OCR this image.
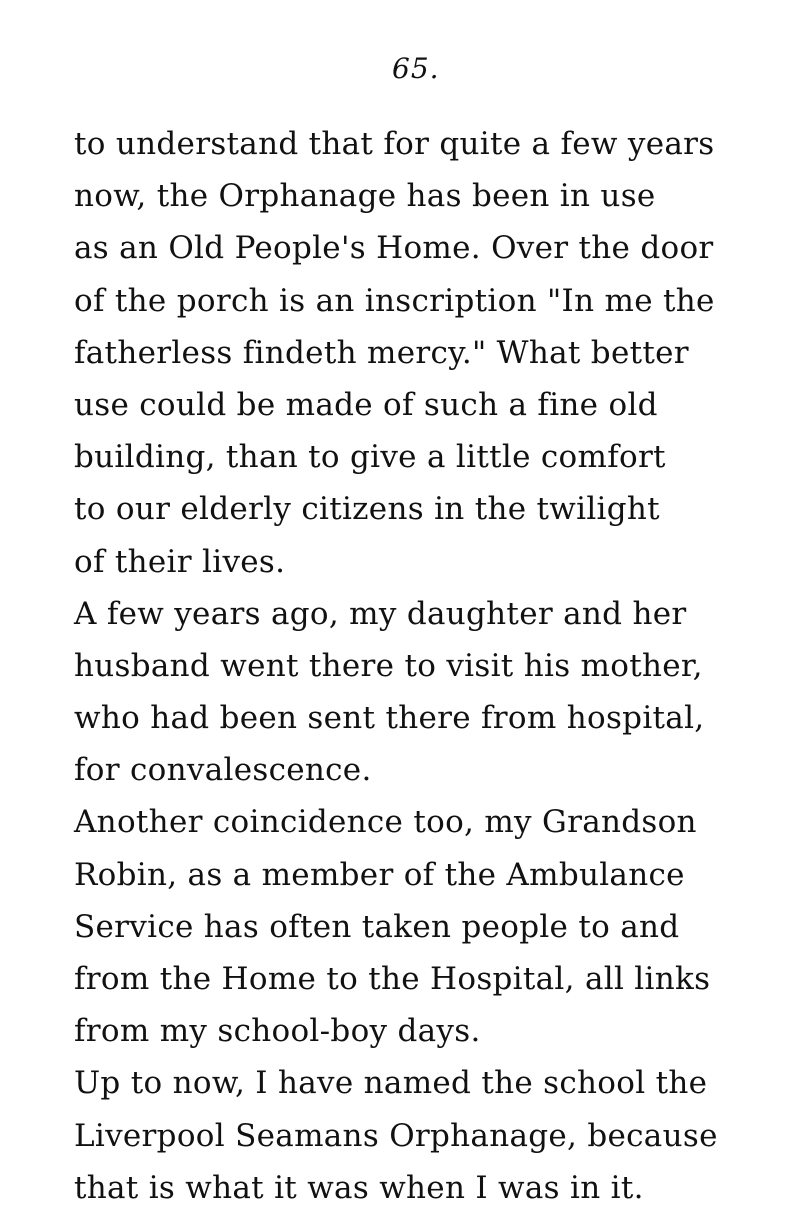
65.
to understand that for quite a few years
now, the Orphanage has been in use
as an Old People's Home. Over the door
of the porch is an inscription "In me the
fatherless findeth mercy." What better
use could be made of such a fine old
building, than to give a little comfort
to our elderly citizens in the twilight
of their lives.
A few years ago, my daughter and her
husband went there to visit his mother,
who had been sent there from hospital,
for convalescence.
Another coincidence too, my Grandson
Robin, as a member of the Ambulance
Service has often taken people to and
from the Home to the Hospital, all links
from my school-boy days.
Up to now, I have named the school the
Liverpool Seamans Orphanage, because
that is what it was when I was in it.
